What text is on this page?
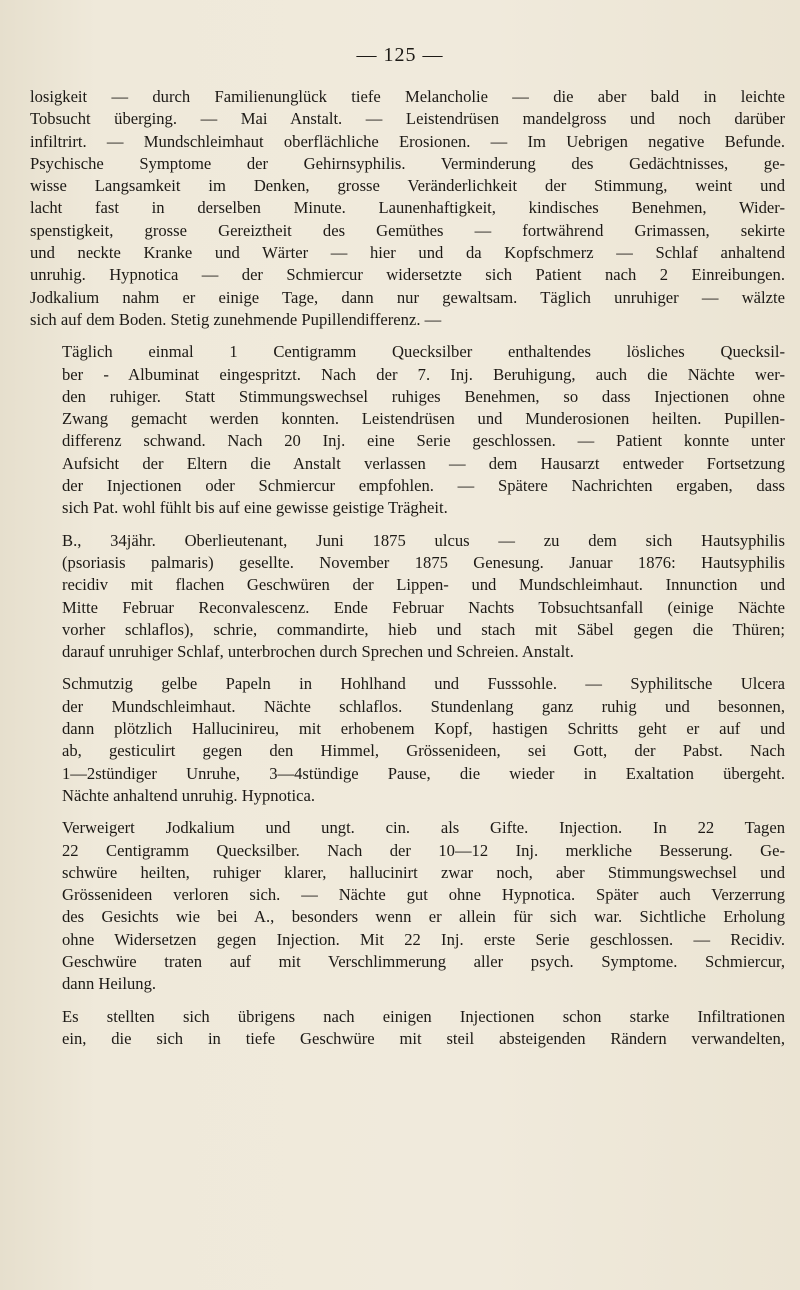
— 125 —
losigkeit — durch Familienunglück tiefe Melancholie — die aber bald in leichte
Tobsucht überging. — Mai Anstalt. — Leistendrüsen mandelgross und noch darüber
infiltrirt. — Mundschleimhaut oberflächliche Erosionen. — Im Uebrigen negative Befunde.
Psychische Symptome der Gehirnsyphilis. Verminderung des Gedächtnisses, ge-
wisse Langsamkeit im Denken, grosse Veränderlichkeit der Stimmung, weint und
lacht fast in derselben Minute. Launenhaftigkeit, kindisches Benehmen, Wider-
spenstigkeit, grosse Gereiztheit des Gemüthes — fortwährend Grimassen, sekirte
und neckte Kranke und Wärter — hier und da Kopfschmerz — Schlaf anhaltend
unruhig. Hypnotica — der Schmiercur widersetzte sich Patient nach 2 Einreibungen.
Jodkalium nahm er einige Tage, dann nur gewaltsam. Täglich unruhiger — wälzte
sich auf dem Boden. Stetig zunehmende Pupillendifferenz. —
Täglich einmal 1 Centigramm Quecksilber enthaltendes lösliches Quecksil-
ber - Albuminat eingespritzt. Nach der 7. Inj. Beruhigung, auch die Nächte wer-
den ruhiger. Statt Stimmungswechsel ruhiges Benehmen, so dass Injectionen ohne
Zwang gemacht werden konnten. Leistendrüsen und Munderosionen heilten. Pupillen-
differenz schwand. Nach 20 Inj. eine Serie geschlossen. — Patient konnte unter
Aufsicht der Eltern die Anstalt verlassen — dem Hausarzt entweder Fortsetzung
der Injectionen oder Schmiercur empfohlen. — Spätere Nachrichten ergaben, dass
sich Pat. wohl fühlt bis auf eine gewisse geistige Trägheit.
B., 34jähr. Oberlieutenant, Juni 1875 ulcus — zu dem sich Hautsyphilis
(psoriasis palmaris) gesellte. November 1875 Genesung. Januar 1876: Hautsyphilis
recidiv mit flachen Geschwüren der Lippen- und Mundschleimhaut. Innunction und
Mitte Februar Reconvalescenz. Ende Februar Nachts Tobsuchtsanfall (einige Nächte
vorher schlaflos), schrie, commandirte, hieb und stach mit Säbel gegen die Thüren;
darauf unruhiger Schlaf, unterbrochen durch Sprechen und Schreien. Anstalt.
Schmutzig gelbe Papeln in Hohlhand und Fusssohle. — Syphilitsche Ulcera
der Mundschleimhaut. Nächte schlaflos. Stundenlang ganz ruhig und besonnen,
dann plötzlich Hallucinireu, mit erhobenem Kopf, hastigen Schritts geht er auf und
ab, gesticulirt gegen den Himmel, Grössenideen, sei Gott, der Pabst. Nach
1—2stündiger Unruhe, 3—4stündige Pause, die wieder in Exaltation übergeht.
Nächte anhaltend unruhig. Hypnotica.
Verweigert Jodkalium und ungt. cin. als Gifte. Injection. In 22 Tagen
22 Centigramm Quecksilber. Nach der 10—12 Inj. merkliche Besserung. Ge-
schwüre heilten, ruhiger klarer, hallucinirt zwar noch, aber Stimmungswechsel und
Grössenideen verloren sich. — Nächte gut ohne Hypnotica. Später auch Verzerrung
des Gesichts wie bei A., besonders wenn er allein für sich war. Sichtliche Erholung
ohne Widersetzen gegen Injection. Mit 22 Inj. erste Serie geschlossen. — Recidiv.
Geschwüre traten auf mit Verschlimmerung aller psych. Symptome. Schmiercur,
dann Heilung.
Es stellten sich übrigens nach einigen Injectionen schon starke Infiltrationen
ein, die sich in tiefe Geschwüre mit steil absteigenden Rändern verwandelten,
